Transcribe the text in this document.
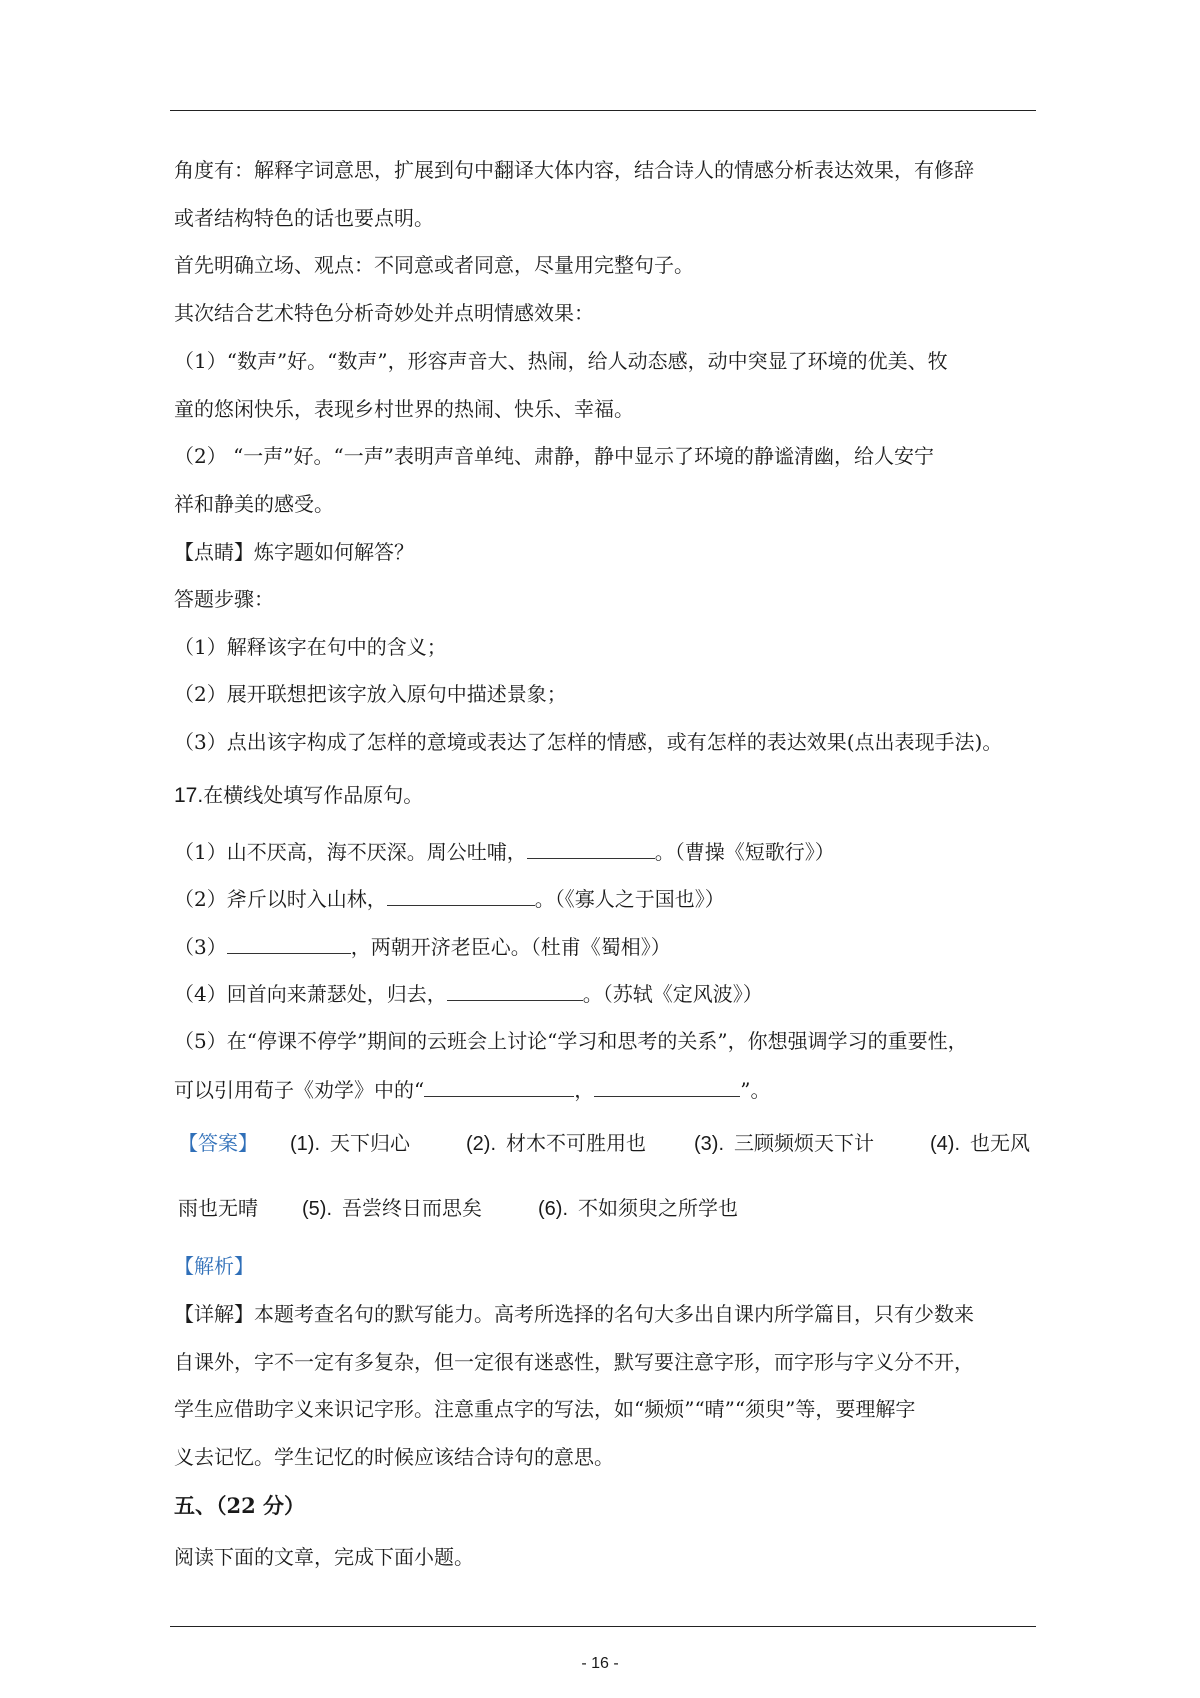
角度有：解释字词意思，扩展到句中翻译大体内容，结合诗人的情感分析表达效果，有修辞
或者结构特色的话也要点明。
首先明确立场、观点：不同意或者同意，尽量用完整句子。
其次结合艺术特色分析奇妙处并点明情感效果：
（1）“数声”好。“数声”，形容声音大、热闹，给人动态感，动中突显了环境的优美、牧
童的悠闲快乐，表现乡村世界的热闹、快乐、幸福。
（2） “一声”好。“一声”表明声音单纯、肃静，静中显示了环境的静谧清幽，给人安宁
祥和静美的感受。
【点睛】炼字题如何解答？
答题步骤：
（1）解释该字在句中的含义；
（2）展开联想把该字放入原句中描述景象；
（3）点出该字构成了怎样的意境或表达了怎样的情感，或有怎样的表达效果(点出表现手法)。
17.在横线处填写作品原句。
（1）山不厌高，海不厌深。周公吐哺，	。（曹操《短歌行》）
（2）斧斤以时入山林，	。（《寡人之于国也》）
（3）	，两朝开济老臣心。（杜甫《蜀相》）
（4）回首向来萧瑟处，归去，	。（苏轼《定风波》）
（5）在“停课不停学”期间的云班会上讨论“学习和思考的关系”，你想强调学习的重要性，
可以引用荀子《劝学》中的“	，	”。
【答案】 (1). 天下归心	(2). 材木不可胜用也 (3). 三顾频烦天下计	(4). 也无风
雨也无晴 (5). 吾尝终日而思矣	(6). 不如须臾之所学也
【解析】
【详解】本题考查名句的默写能力。高考所选择的名句大多出自课内所学篇目，只有少数来
自课外，字不一定有多复杂，但一定很有迷惑性，默写要注意字形，而字形与字义分不开，
学生应借助字义来识记字形。注意重点字的写法，如“频烦”“晴”“须臾”等，要理解字
义去记忆。学生记忆的时候应该结合诗句的意思。
五、（22 分）
阅读下面的文章，完成下面小题。
- 16 -
